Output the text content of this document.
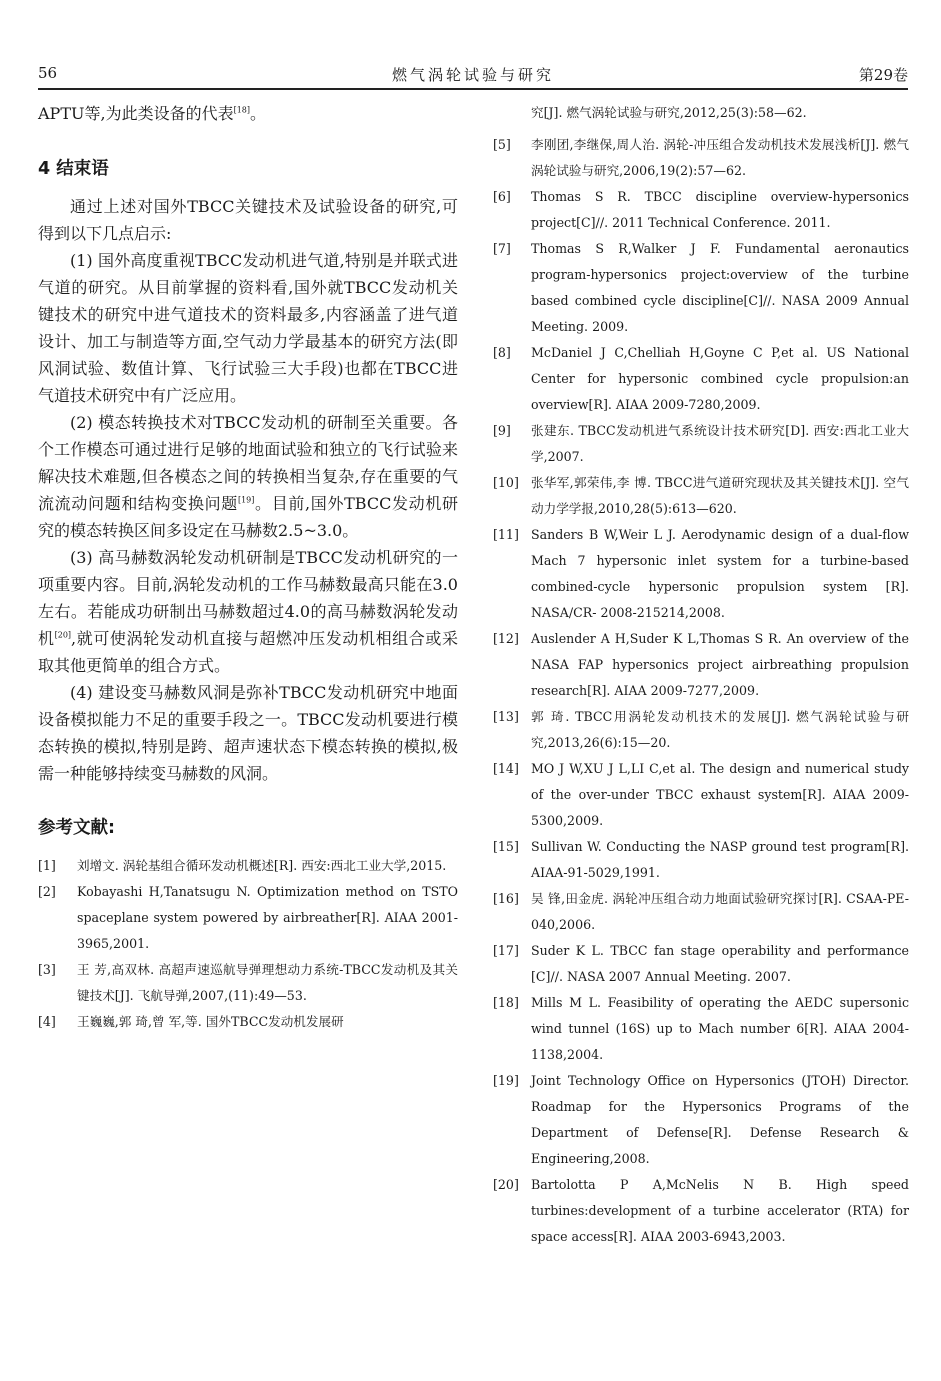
56	燃气涡轮试验与研究	第29卷

APTU等,为此类设备的代表[18]。

4 结束语

通过上述对国外TBCC关键技术及试验设备的研究,可得到以下几点启示:

(1) 国外高度重视TBCC发动机进气道,特别是并联式进气道的研究。从目前掌握的资料看,国外就TBCC发动机关键技术的研究中进气道技术的资料最多,内容涵盖了进气道设计、加工与制造等方面,空气动力学最基本的研究方法(即风洞试验、数值计算、飞行试验三大手段)也都在TBCC进气道技术研究中有广泛应用。

(2) 模态转换技术对TBCC发动机的研制至关重要。各个工作模态可通过进行足够的地面试验和独立的飞行试验来解决技术难题,但各模态之间的转换相当复杂,存在重要的气流流动问题和结构变换问题[19]。目前,国外TBCC发动机研究的模态转换区间多设定在马赫数2.5~3.0。

(3) 高马赫数涡轮发动机研制是TBCC发动机研究的一项重要内容。目前,涡轮发动机的工作马赫数最高只能在3.0左右。若能成功研制出马赫数超过4.0的高马赫数涡轮发动机[20],就可使涡轮发动机直接与超燃冲压发动机相组合或采取其他更简单的组合方式。

(4) 建设变马赫数风洞是弥补TBCC发动机研究中地面设备模拟能力不足的重要手段之一。TBCC发动机要进行模态转换的模拟,特别是跨、超声速状态下模态转换的模拟,极需一种能够持续变马赫数的风洞。

参考文献:

[1] 刘增文. 涡轮基组合循环发动机概述[R]. 西安:西北工业大学,2015.

[2] Kobayashi H,Tanatsugu N. Optimization method on TSTO spaceplane system powered by airbreather[R]. AIAA 2001-3965,2001.

[3] 王 芳,高双林. 高超声速巡航导弹理想动力系统-TBCC发动机及其关键技术[J]. 飞航导弹,2007,(11):49—53.

[4] 王巍巍,郭 琦,曾 军,等. 国外TBCC发动机发展研

究[J]. 燃气涡轮试验与研究,2012,25(3):58—62.

[5] 李刚团,李继保,周人治. 涡轮-冲压组合发动机技术发展浅析[J]. 燃气涡轮试验与研究,2006,19(2):57—62.

[6] Thomas S R. TBCC discipline overview-hypersonics project[C]//. 2011 Technical Conference. 2011.

[7] Thomas S R,Walker J F. Fundamental aeronautics program-hypersonics project:overview of the turbine based combined cycle discipline[C]//. NASA 2009 Annual Meeting. 2009.

[8] McDaniel J C,Chelliah H,Goyne C P,et al. US National Center for hypersonic combined cycle propulsion:an overview[R]. AIAA 2009-7280,2009.

[9] 张建东. TBCC发动机进气系统设计技术研究[D]. 西安:西北工业大学,2007.

[10] 张华军,郭荣伟,李 博. TBCC进气道研究现状及其关键技术[J]. 空气动力学学报,2010,28(5):613—620.

[11] Sanders B W,Weir L J. Aerodynamic design of a dual-flow Mach 7 hypersonic inlet system for a turbine-based combined-cycle hypersonic propulsion system [R]. NASA/CR- 2008-215214,2008.

[12] Auslender A H,Suder K L,Thomas S R. An overview of the NASA FAP hypersonics project airbreathing propulsion research[R]. AIAA 2009-7277,2009.

[13] 郭 琦. TBCC用涡轮发动机技术的发展[J]. 燃气涡轮试验与研究,2013,26(6):15—20.

[14] MO J W,XU J L,LI C,et al. The design and numerical study of the over-under TBCC exhaust system[R]. AIAA 2009-5300,2009.

[15] Sullivan W. Conducting the NASP ground test program[R]. AIAA-91-5029,1991.

[16] 吴 锋,田金虎. 涡轮冲压组合动力地面试验研究探讨[R]. CSAA-PE-040,2006.

[17] Suder K L. TBCC fan stage operability and performance [C]//. NASA 2007 Annual Meeting. 2007.

[18] Mills M L. Feasibility of operating the AEDC supersonic wind tunnel (16S) up to Mach number 6[R]. AIAA 2004-1138,2004.

[19] Joint Technology Office on Hypersonics (JTOH) Director. Roadmap for the Hypersonics Programs of the Department of Defense[R]. Defense Research & Engineering,2008.

[20] Bartolotta P A,McNelis N B. High speed turbines:development of a turbine accelerator (RTA) for space access[R]. AIAA 2003-6943,2003.
